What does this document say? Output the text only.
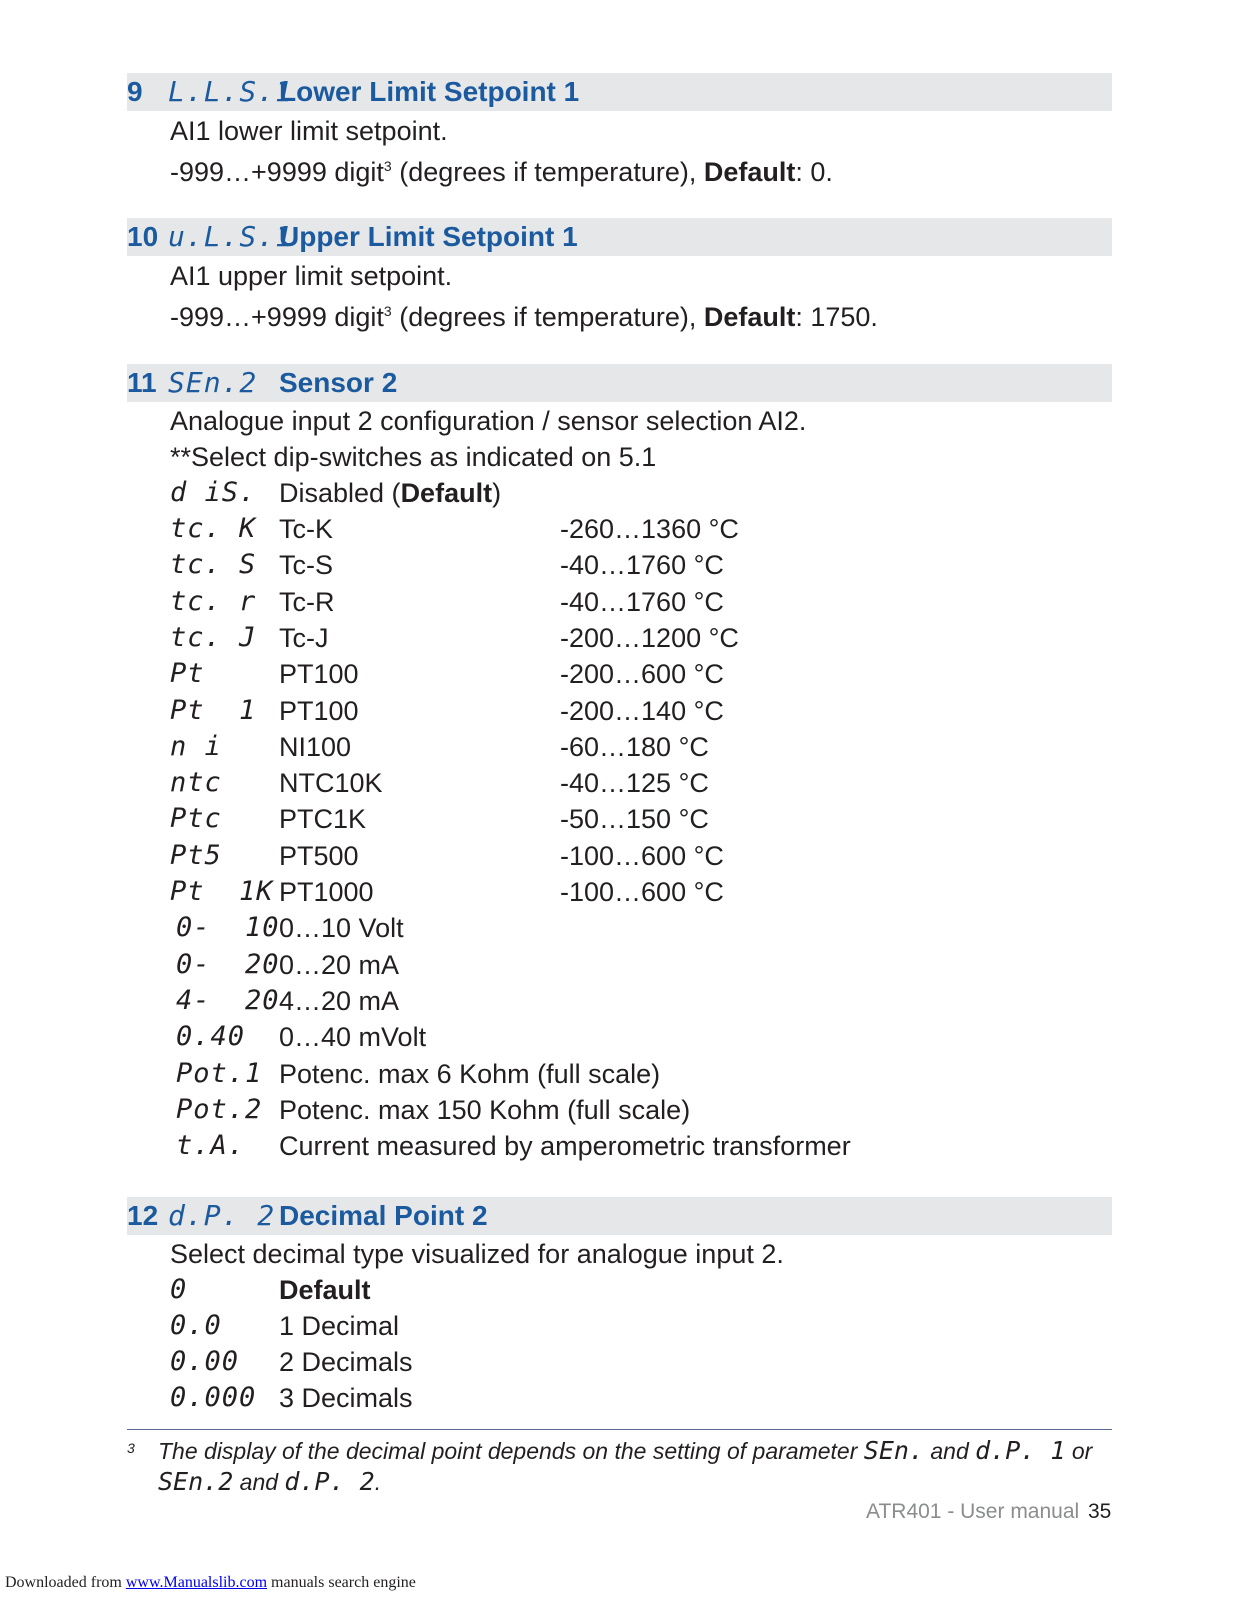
9 L.L.S.1
Lower Limit Setpoint 1
AI1 lower limit setpoint.
-999…+9999 digit$^3$ (degrees if temperature), Default: 0.
10 u.L.S.1
Upper Limit Setpoint 1
AI1 upper limit setpoint.
-999…+9999 digit$^3$ (degrees if temperature), Default: 1750.
11 SEn.2 Sensor 2
Analogue input 2 configuration / sensor selection AI2.
**Select dip-switches as indicated on 5.1
d iS. Disabled (Default)
tc. K Tc-K	-260…1360 °C
tc. S Tc-S	-40…1760 °C
tc. r Tc-R	-40…1760 °C
tc. J Tc-J	-200…1200 °C
Pt	PT100	-200…600 °C
Pt  1 PT100	-200…140 °C
n i NI100	-60…180 °C
ntc NTC10K	-40…125 °C
Ptc PTC1K	-50…150 °C
Pt5 PT500	-100…600 °C
Pt  1K PT1000	-100…600 °C
0-  10 0…10 Volt
0-  20 0…20 mA
4-  20 4…20 mA
0.40 0…40 mVolt
Pot.1 Potenc. max 6 Kohm (full scale)
Pot.2 Potenc. max 150 Kohm (full scale)
t.A. Current measured by amperometric transformer
12 d.P. 2 Decimal Point 2
Select decimal type visualized for analogue input 2.
0	Default
0.0 1 Decimal
0.00 2 Decimals
0.000 3 Decimals
3 The display of the decimal point depends on the setting of parameter SEn. and d.P. 1 or
SEn.2 and d.P. 2.
ATR401 - User manual 35
Downloaded from www.Manualslib.com manuals search engine
